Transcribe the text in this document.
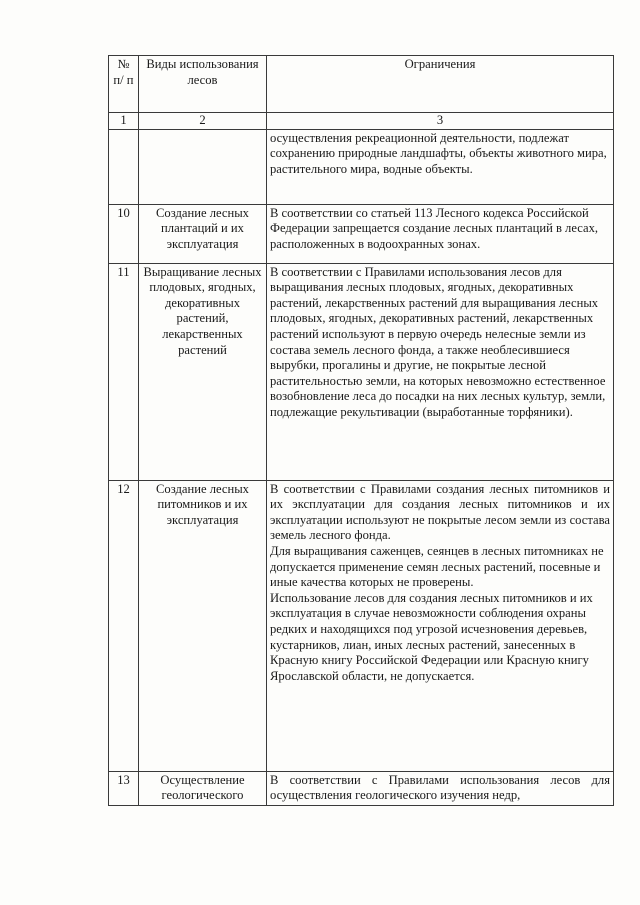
№ п/ п	Виды использования лесов	Ограничения
1	2	3

		осуществления рекреационной деятельности, подлежат сохранению природные ландшафты, объекты животного мира, растительного мира, водные объекты.

10	Создание лесных плантаций и их эксплуатация	В соответствии со статьей 113 Лесного кодекса Российской Федерации запрещается создание лесных плантаций в лесах, расположенных в водоохранных зонах.

11	Выращивание лесных плодовых, ягодных, декоративных растений, лекарственных растений	В соответствии с Правилами использования лесов для выращивания лесных плодовых, ягодных, декоративных растений, лекарственных растений для выращивания лесных плодовых, ягодных, декоративных растений, лекарственных растений используют в первую очередь нелесные земли из состава земель лесного фонда, а также необлесившиеся вырубки, прогалины и другие, не покрытые лесной растительностью земли, на которых невозможно естественное возобновление леса до посадки на них лесных культур, земли, подлежащие рекультивации (выработанные торфяники).

12	Создание лесных питомников и их эксплуатация	В соответствии с Правилами создания лесных питомников и их эксплуатации для создания лесных питомников и их эксплуатации используют не покрытые лесом земли из состава земель лесного фонда.
Для выращивания саженцев, сеянцев в лесных питомниках не допускается применение семян лесных растений, посевные и иные качества которых не проверены.
Использование лесов для создания лесных питомников и их эксплуатация в случае невозможности соблюдения охраны редких и находящихся под угрозой исчезновения деревьев, кустарников, лиан, иных лесных растений, занесенных в Красную книгу Российской Федерации или Красную книгу Ярославской области, не допускается.

13	Осуществление геологического	В соответствии с Правилами использования лесов для осуществления геологического изучения недр,
